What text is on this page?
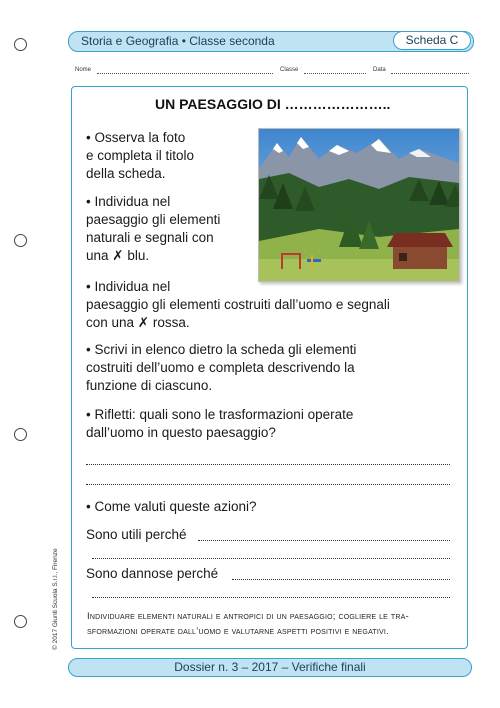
Storia e Geografia • Classe seconda	Scheda C
Nome	Classe	Data
UN PAESAGGIO DI …………………..
• Osserva la foto
e completa il titolo
della scheda.
• Individua nel
paesaggio gli elementi
naturali e segnali con
una ✗ blu.
• Individua nel
paesaggio gli elementi costruiti dall’uomo e segnali
con una ✗ rossa.
• Scrivi in elenco dietro la scheda gli elementi
costruiti dell’uomo e completa descrivendo la
funzione di ciascuno.
• Rifletti: quali sono le trasformazioni operate
dall’uomo in questo paesaggio?
• Come valuti queste azioni?
Sono utili perché
Sono dannose perché
Individuare elementi naturali e antropici di un paesaggio; cogliere le tra-sformazioni operate dall’uomo e valutarne aspetti positivi e negativi.
Dossier n. 3 – 2017 – Verifiche finali
© 2017 Giunti Scuola S.r.l., Firenze
